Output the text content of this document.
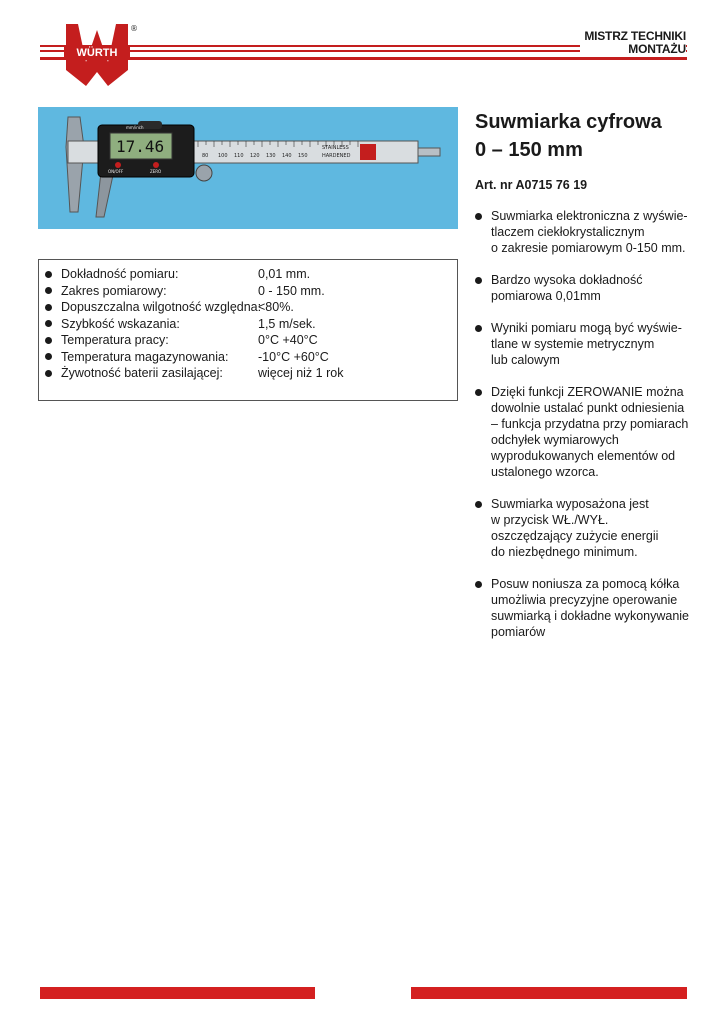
WÜRTH
®
MISTRZ TECHNIKI
MONTAŻU
80 100 110 120 130 140 150
STAINLESS
HARDENED
17.46
mm/inch
ON/OFF	ZERO
Dokładność pomiaru:	0,01 mm.
Zakres pomiarowy:	0 - 150 mm.
Dopuszczalna wilgotność względna:
<80%.
Szybkość wskazania:	1,5 m/sek.
Temperatura pracy:	0°C +40°C
Temperatura magazynowania:	-10°C +60°C
Żywotność baterii zasilającej:	więcej niż 1 rok
Suwmiarka cyfrowa
0 – 150 mm
Art. nr A0715 76 19
Suwmiarka elektroniczna z wyświe-
tlaczem ciekłokrystalicznym
o zakresie pomiarowym 0-150 mm.
Bardzo wysoka dokładność
pomiarowa 0,01mm
Wyniki pomiaru mogą być wyświe-
tlane w systemie metrycznym
lub calowym
Dzięki funkcji ZEROWANIE można
dowolnie ustalać punkt odniesienia
– funkcja przydatna przy pomiarach
odchyłek wymiarowych
wyprodukowanych elementów od
ustalonego wzorca.
Suwmiarka wyposażona jest
w przycisk WŁ./WYŁ.
oszczędzający zużycie energii
do niezbędnego minimum.
Posuw noniusza za pomocą kółka
umożliwia precyzyjne operowanie
suwmiarką i dokładne wykonywanie
pomiarów
